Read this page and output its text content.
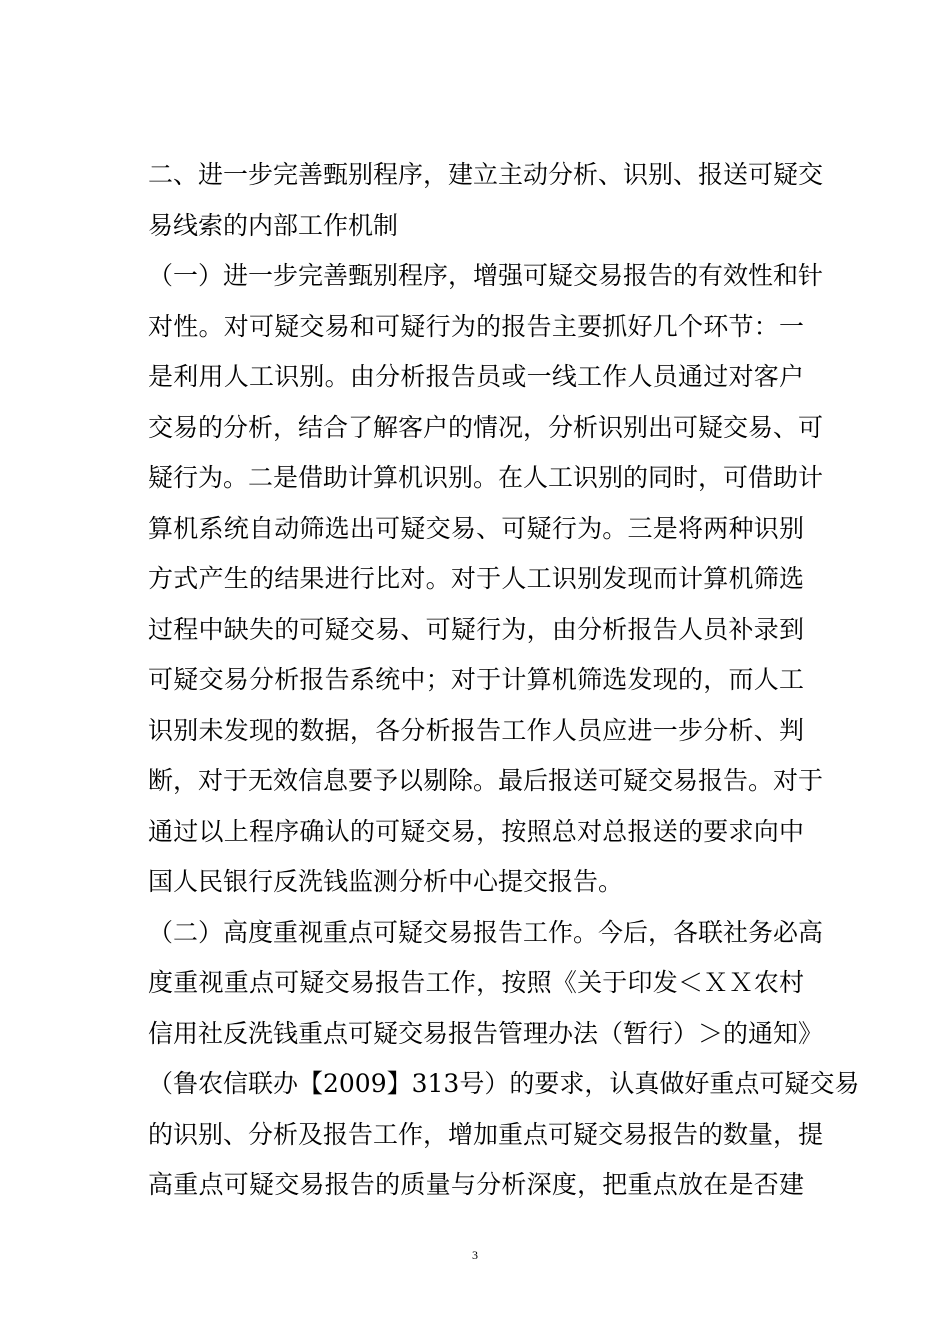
二、进一步完善甄别程序，建立主动分析、识别、报送可疑交
易线索的内部工作机制
（一）进一步完善甄别程序，增强可疑交易报告的有效性和针
对性。对可疑交易和可疑行为的报告主要抓好几个环节：一
是利用人工识别。由分析报告员或一线工作人员通过对客户
交易的分析，结合了解客户的情况，分析识别出可疑交易、可
疑行为。二是借助计算机识别。在人工识别的同时，可借助计
算机系统自动筛选出可疑交易、可疑行为。三是将两种识别
方式产生的结果进行比对。对于人工识别发现而计算机筛选
过程中缺失的可疑交易、可疑行为，由分析报告人员补录到
可疑交易分析报告系统中；对于计算机筛选发现的，而人工
识别未发现的数据，各分析报告工作人员应进一步分析、判
断，对于无效信息要予以剔除。最后报送可疑交易报告。对于
通过以上程序确认的可疑交易，按照总对总报送的要求向中
国人民银行反洗钱监测分析中心提交报告。
（二）高度重视重点可疑交易报告工作。今后，各联社务必高
度重视重点可疑交易报告工作，按照《关于印发＜ＸＸ农村
信用社反洗钱重点可疑交易报告管理办法（暂行）＞的通知》
（鲁农信联办【2009】313号）的要求，认真做好重点可疑交易
的识别、分析及报告工作，增加重点可疑交易报告的数量，提
高重点可疑交易报告的质量与分析深度，把重点放在是否建
3
